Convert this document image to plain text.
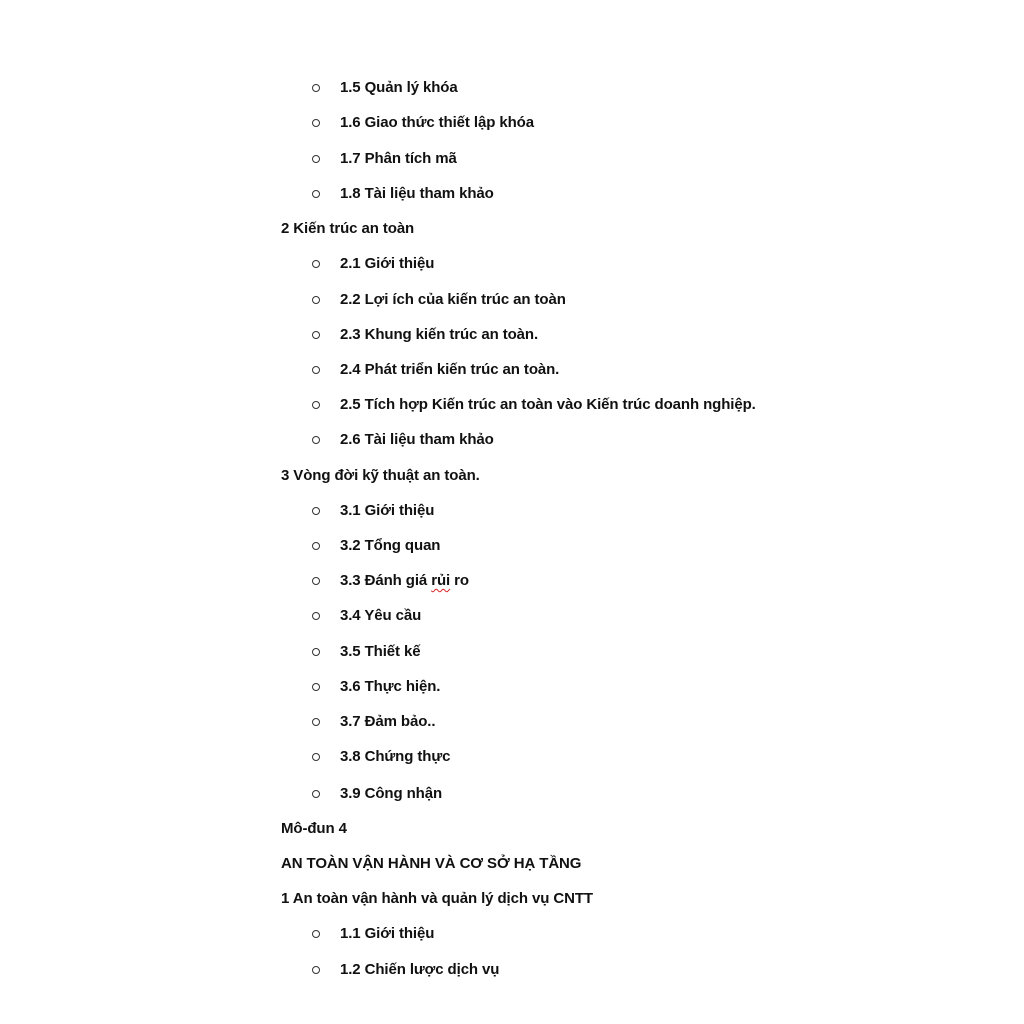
1.5 Quản lý khóa
1.6 Giao thức thiết lập khóa
1.7 Phân tích mã
1.8 Tài liệu tham khảo
2 Kiến trúc an toàn
2.1 Giới thiệu
2.2 Lợi ích của kiến trúc an toàn
2.3 Khung kiến trúc an toàn.
2.4 Phát triển kiến trúc an toàn.
2.5 Tích hợp Kiến trúc an toàn vào Kiến trúc doanh nghiệp.
2.6 Tài liệu tham khảo
3 Vòng đời kỹ thuật an toàn.
3.1 Giới thiệu
3.2 Tổng quan
3.3 Đánh giá rủi ro
3.4 Yêu cầu
3.5 Thiết kế
3.6 Thực hiện.
3.7 Đảm bảo..
3.8 Chứng thực
3.9 Công nhận
Mô-đun 4
AN TOÀN VẬN HÀNH VÀ CƠ SỞ HẠ TẦNG
1 An toàn vận hành và quản lý dịch vụ CNTT
1.1 Giới thiệu
1.2 Chiến lược dịch vụ
